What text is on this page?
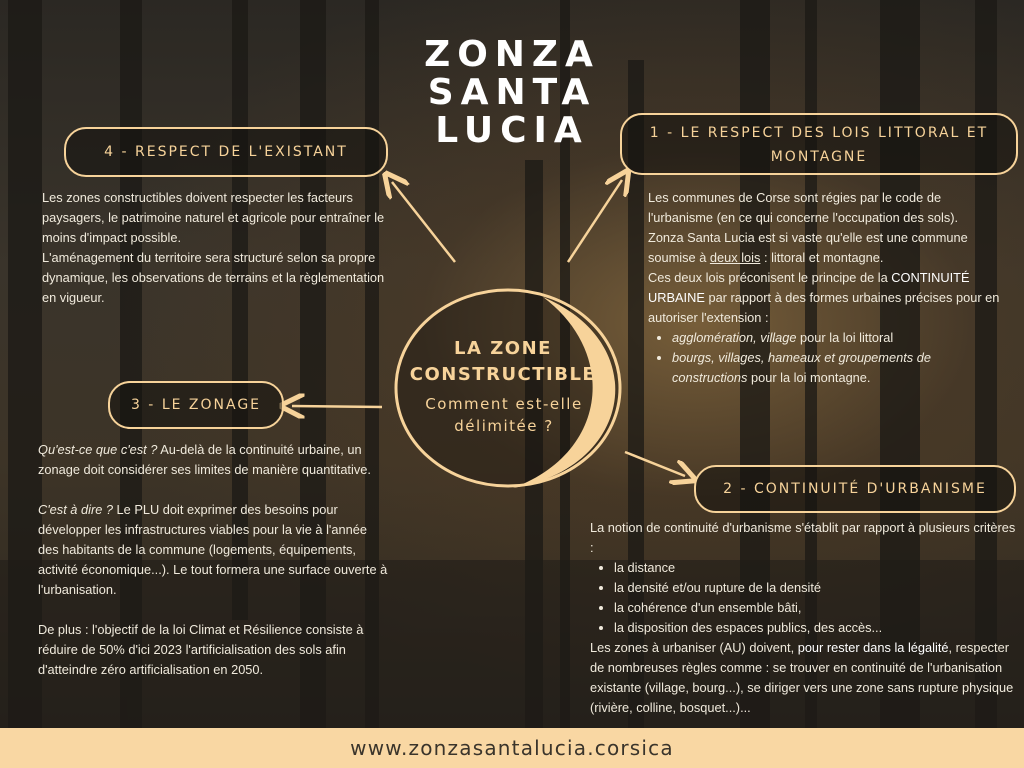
ZONZA
SANTA
LUCIA
LA ZONE
CONSTRUCTIBLE
Comment est-elle
délimitée ?
4 - RESPECT DE L'EXISTANT

Les zones constructibles doivent respecter les facteurs paysagers, le patrimoine naturel et agricole pour entraîner le moins d'impact possible.

L'aménagement du territoire sera structuré selon sa propre dynamique, les observations de terrains et la règlementation en vigueur.

1 - LE RESPECT DES LOIS LITTORAL ET
MONTAGNE

Les communes de Corse sont régies par le code de l'urbanisme (en ce qui concerne l'occupation des sols).

Zonza Santa Lucia est si vaste qu'elle est une commune soumise à deux lois : littoral et montagne.

Ces deux lois préconisent le principe de la CONTINUITÉ URBAINE par rapport à des formes urbaines précises pour en autoriser l'extension :

• agglomération, village pour la loi littoral
• bourgs, villages, hameaux et groupements de constructions pour la loi montagne.
3 - LE ZONAGE

Qu'est-ce que c'est ? Au-delà de la continuité urbaine, un zonage doit considérer ses limites de manière quantitative.

C'est à dire ? Le PLU doit exprimer des besoins pour développer les infrastructures viables pour la vie à l'année des habitants de la commune (logements, équipements, activité économique...). Le tout formera une surface ouverte à l'urbanisation.

De plus : l'objectif de la loi Climat et Résilience consiste à réduire de 50% d'ici 2023 l'artificialisation des sols afin d'atteindre zéro artificialisation en 2050.

2 - CONTINUITÉ D'URBANISME

La notion de continuité d'urbanisme s'établit par rapport à plusieurs critères :

• la distance
• la densité et/ou rupture de la densité
• la cohérence d'un ensemble bâti,
• la disposition des espaces publics, des accès...

Les zones à urbaniser (AU) doivent, pour rester dans la légalité, respecter de nombreuses règles comme : se trouver en continuité de l'urbanisation existante (village, bourg...), se diriger vers une zone sans rupture physique (rivière, colline, bosquet...)...

www.zonzasantalucia.corsica
